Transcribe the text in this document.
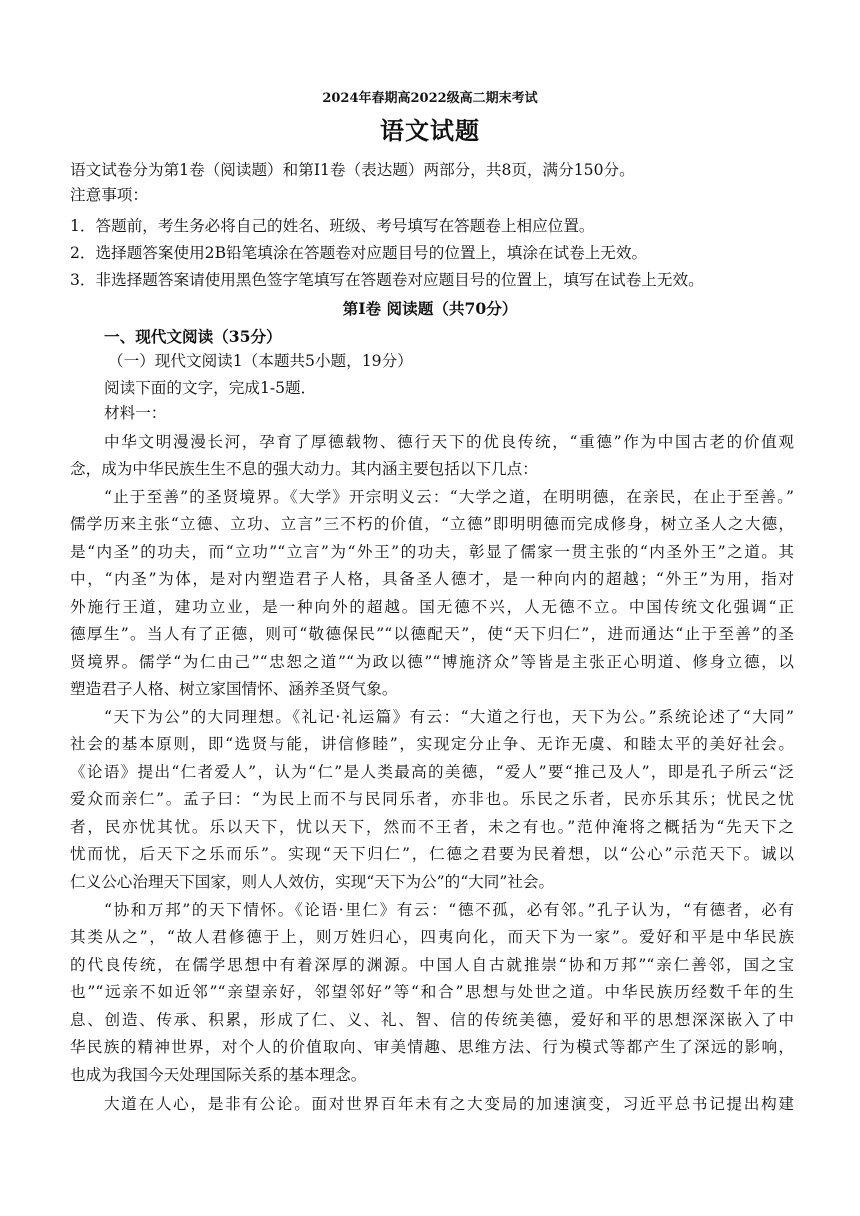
2024年春期高2022级高二期末考试
语文试题
语文试卷分为第1卷（阅读题）和第I1卷（表达题）两部分，共8页，满分150分。
注意事项：
1．答题前，考生务必将自己的姓名、班级、考号填写在答题卷上相应位置。
2．选择题答案使用2B铅笔填涂在答题卷对应题目号的位置上，填涂在试卷上无效。
3．非选择题答案请使用黑色签字笔填写在答题卷对应题目号的位置上，填写在试卷上无效。
第I卷 阅读题（共70分）
一、现代文阅读（35分）
（一）现代文阅读1（本题共5小题，19分）
阅读下面的文字，完成1-5题．
材料一：
中华文明漫漫长河，孕育了厚德载物、德行天下的优良传统，“重德”作为中国古老的价值观
念，成为中华民族生生不息的强大动力。其内涵主要包括以下几点：
“止于至善”的圣贤境界。《大学》开宗明义云：“大学之道，在明明德，在亲民，在止于至善。”
儒学历来主张“立德、立功、立言”三不朽的价值，“立德”即明明德而完成修身，树立圣人之大德，
是“内圣”的功夫，而“立功”“立言”为“外王”的功夫，彰显了儒家一贯主张的“内圣外王”之道。其
中，“内圣”为体，是对内塑造君子人格，具备圣人德才，是一种向内的超越；“外王”为用，指对
外施行王道，建功立业，是一种向外的超越。国无德不兴，人无德不立。中国传统文化强调“正
德厚生”。当人有了正德，则可“敬德保民”“以德配天”，使“天下归仁”，进而通达“止于至善”的圣
贤境界。儒学“为仁由己”“忠恕之道”“为政以德”“博施济众”等皆是主张正心明道、修身立德，以
塑造君子人格、树立家国情怀、涵养圣贤气象。
“天下为公”的大同理想。《礼记·礼运篇》有云：“大道之行也，天下为公。”系统论述了“大同”
社会的基本原则，即“选贤与能，讲信修睦”，实现定分止争、无诈无虞、和睦太平的美好社会。
《论语》提出“仁者爱人”，认为“仁”是人类最高的美德，“爱人”要“推己及人”，即是孔子所云“泛
爱众而亲仁”。孟子曰：“为民上而不与民同乐者，亦非也。乐民之乐者，民亦乐其乐；忧民之忧
者，民亦忧其忧。乐以天下，忧以天下，然而不王者，未之有也。”范仲淹将之概括为“先天下之
忧而忧，后天下之乐而乐”。实现“天下归仁”，仁德之君要为民着想，以“公心”示范天下。诚以
仁义公心治理天下国家，则人人效仿，实现“天下为公”的“大同”社会。
“协和万邦”的天下情怀。《论语·里仁》有云：“德不孤，必有邻。”孔子认为，“有德者，必有
其类从之”，“故人君修德于上，则万姓归心，四夷向化，而天下为一家”。爱好和平是中华民族
的代良传统，在儒学思想中有着深厚的渊源。中国人自古就推崇“协和万邦”“亲仁善邻，国之宝
也”“远亲不如近邻”“亲望亲好，邻望邻好”等“和合”思想与处世之道。中华民族历经数千年的生
息、创造、传承、积累，形成了仁、义、礼、智、信的传统美德，爱好和平的思想深深嵌入了中
华民族的精神世界，对个人的价值取向、审美情趣、思维方法、行为模式等都产生了深远的影响，
也成为我国今天处理国际关系的基本理念。
大道在人心，是非有公论。面对世界百年未有之大变局的加速演变，习近平总书记提出构建
